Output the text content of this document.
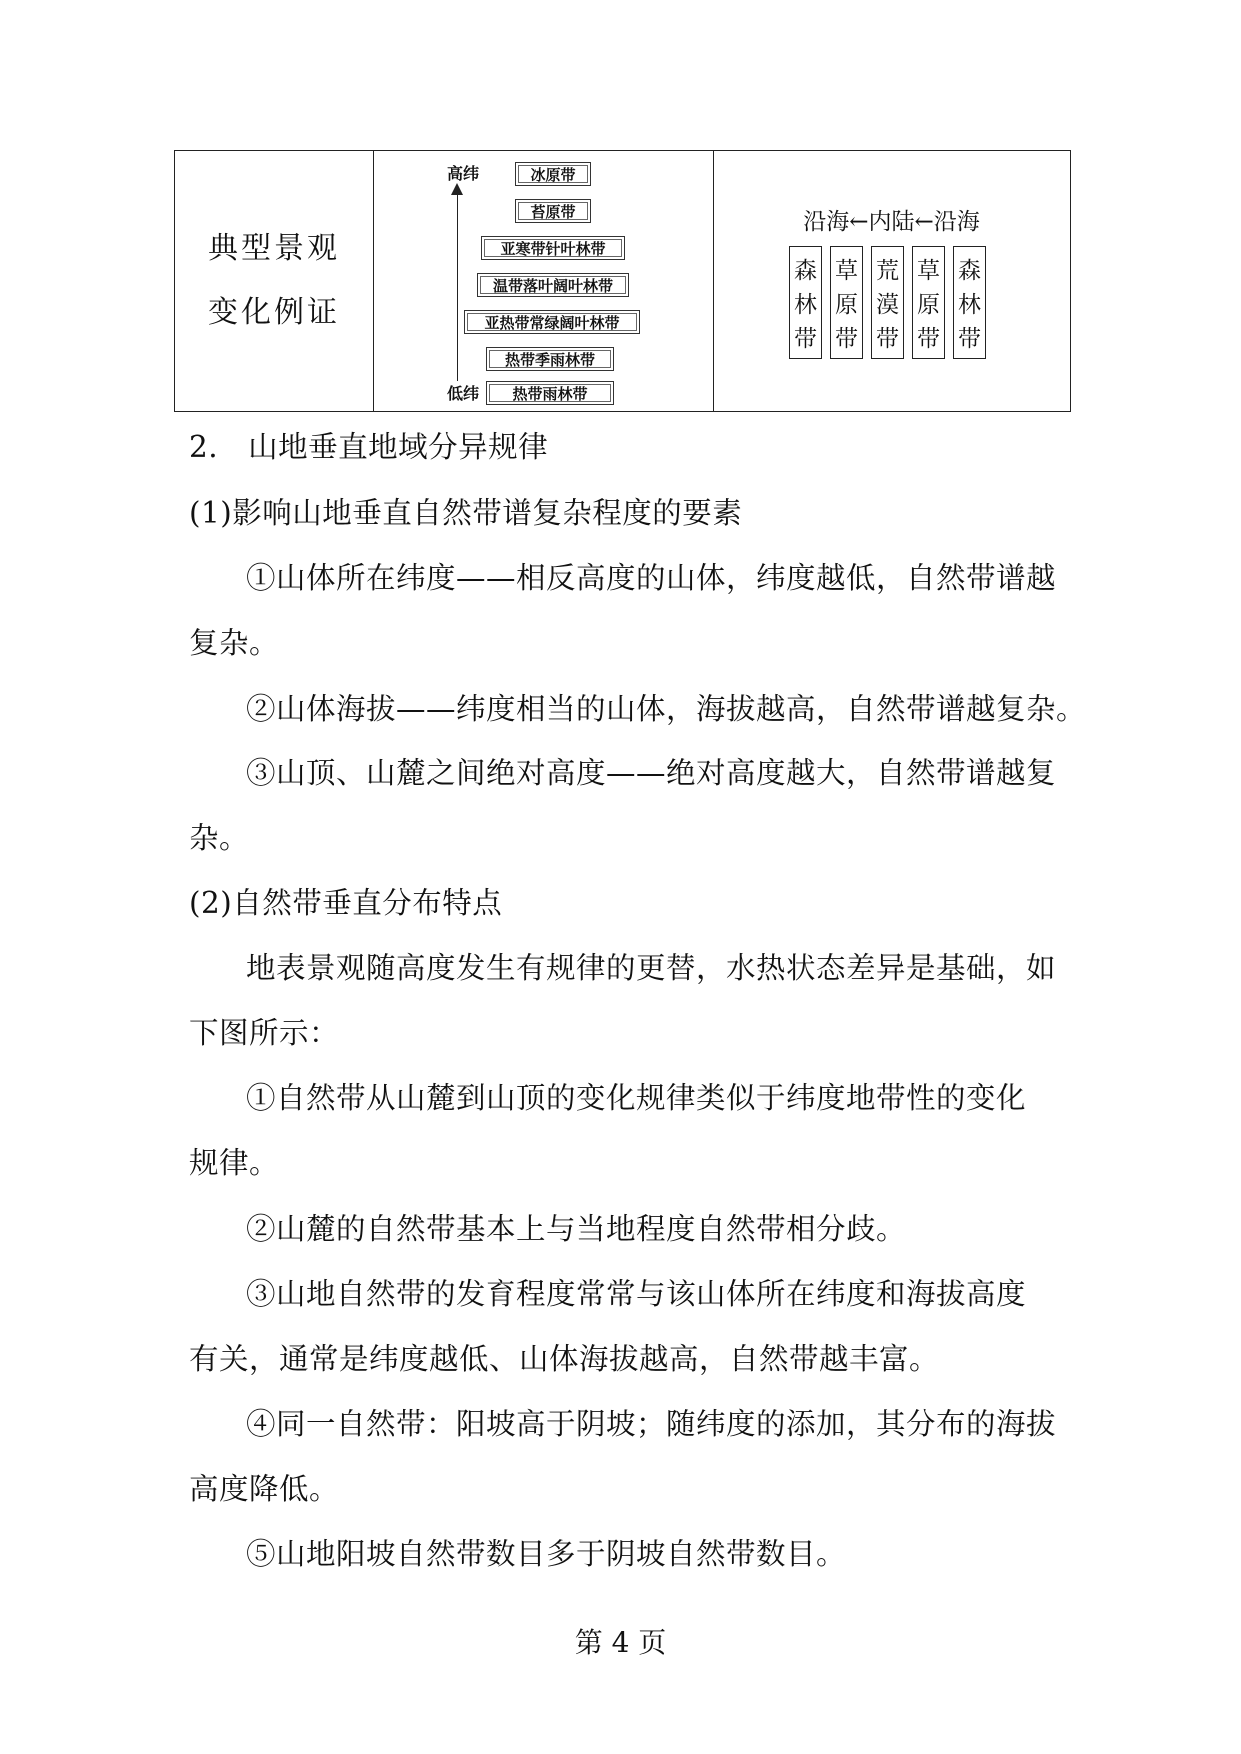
典型景观
变化例证
高纬
低纬
冰原带
苔原带
亚寒带针叶林带
温带落叶阔叶林带
亚热带常绿阔叶林带
热带季雨林带
热带雨林带
沿海←内陆←沿海
森
林
带
草
原
带
荒
漠
带
草
原
带
森
林
带
2.　山地垂直地域分异规律
(1)影响山地垂直自然带谱复杂程度的要素
①山体所在纬度——相反高度的山体，纬度越低，自然带谱越
复杂。
②山体海拔——纬度相当的山体，海拔越高，自然带谱越复杂。
③山顶、山麓之间绝对高度——绝对高度越大，自然带谱越复
杂。
(2)自然带垂直分布特点
地表景观随高度发生有规律的更替，水热状态差异是基础，如
下图所示：
①自然带从山麓到山顶的变化规律类似于纬度地带性的变化
规律。
②山麓的自然带基本上与当地程度自然带相分歧。
③山地自然带的发育程度常常与该山体所在纬度和海拔高度
有关，通常是纬度越低、山体海拔越高，自然带越丰富。
④同一自然带：阳坡高于阴坡；随纬度的添加，其分布的海拔
高度降低。
⑤山地阳坡自然带数目多于阴坡自然带数目。
第 4 页
